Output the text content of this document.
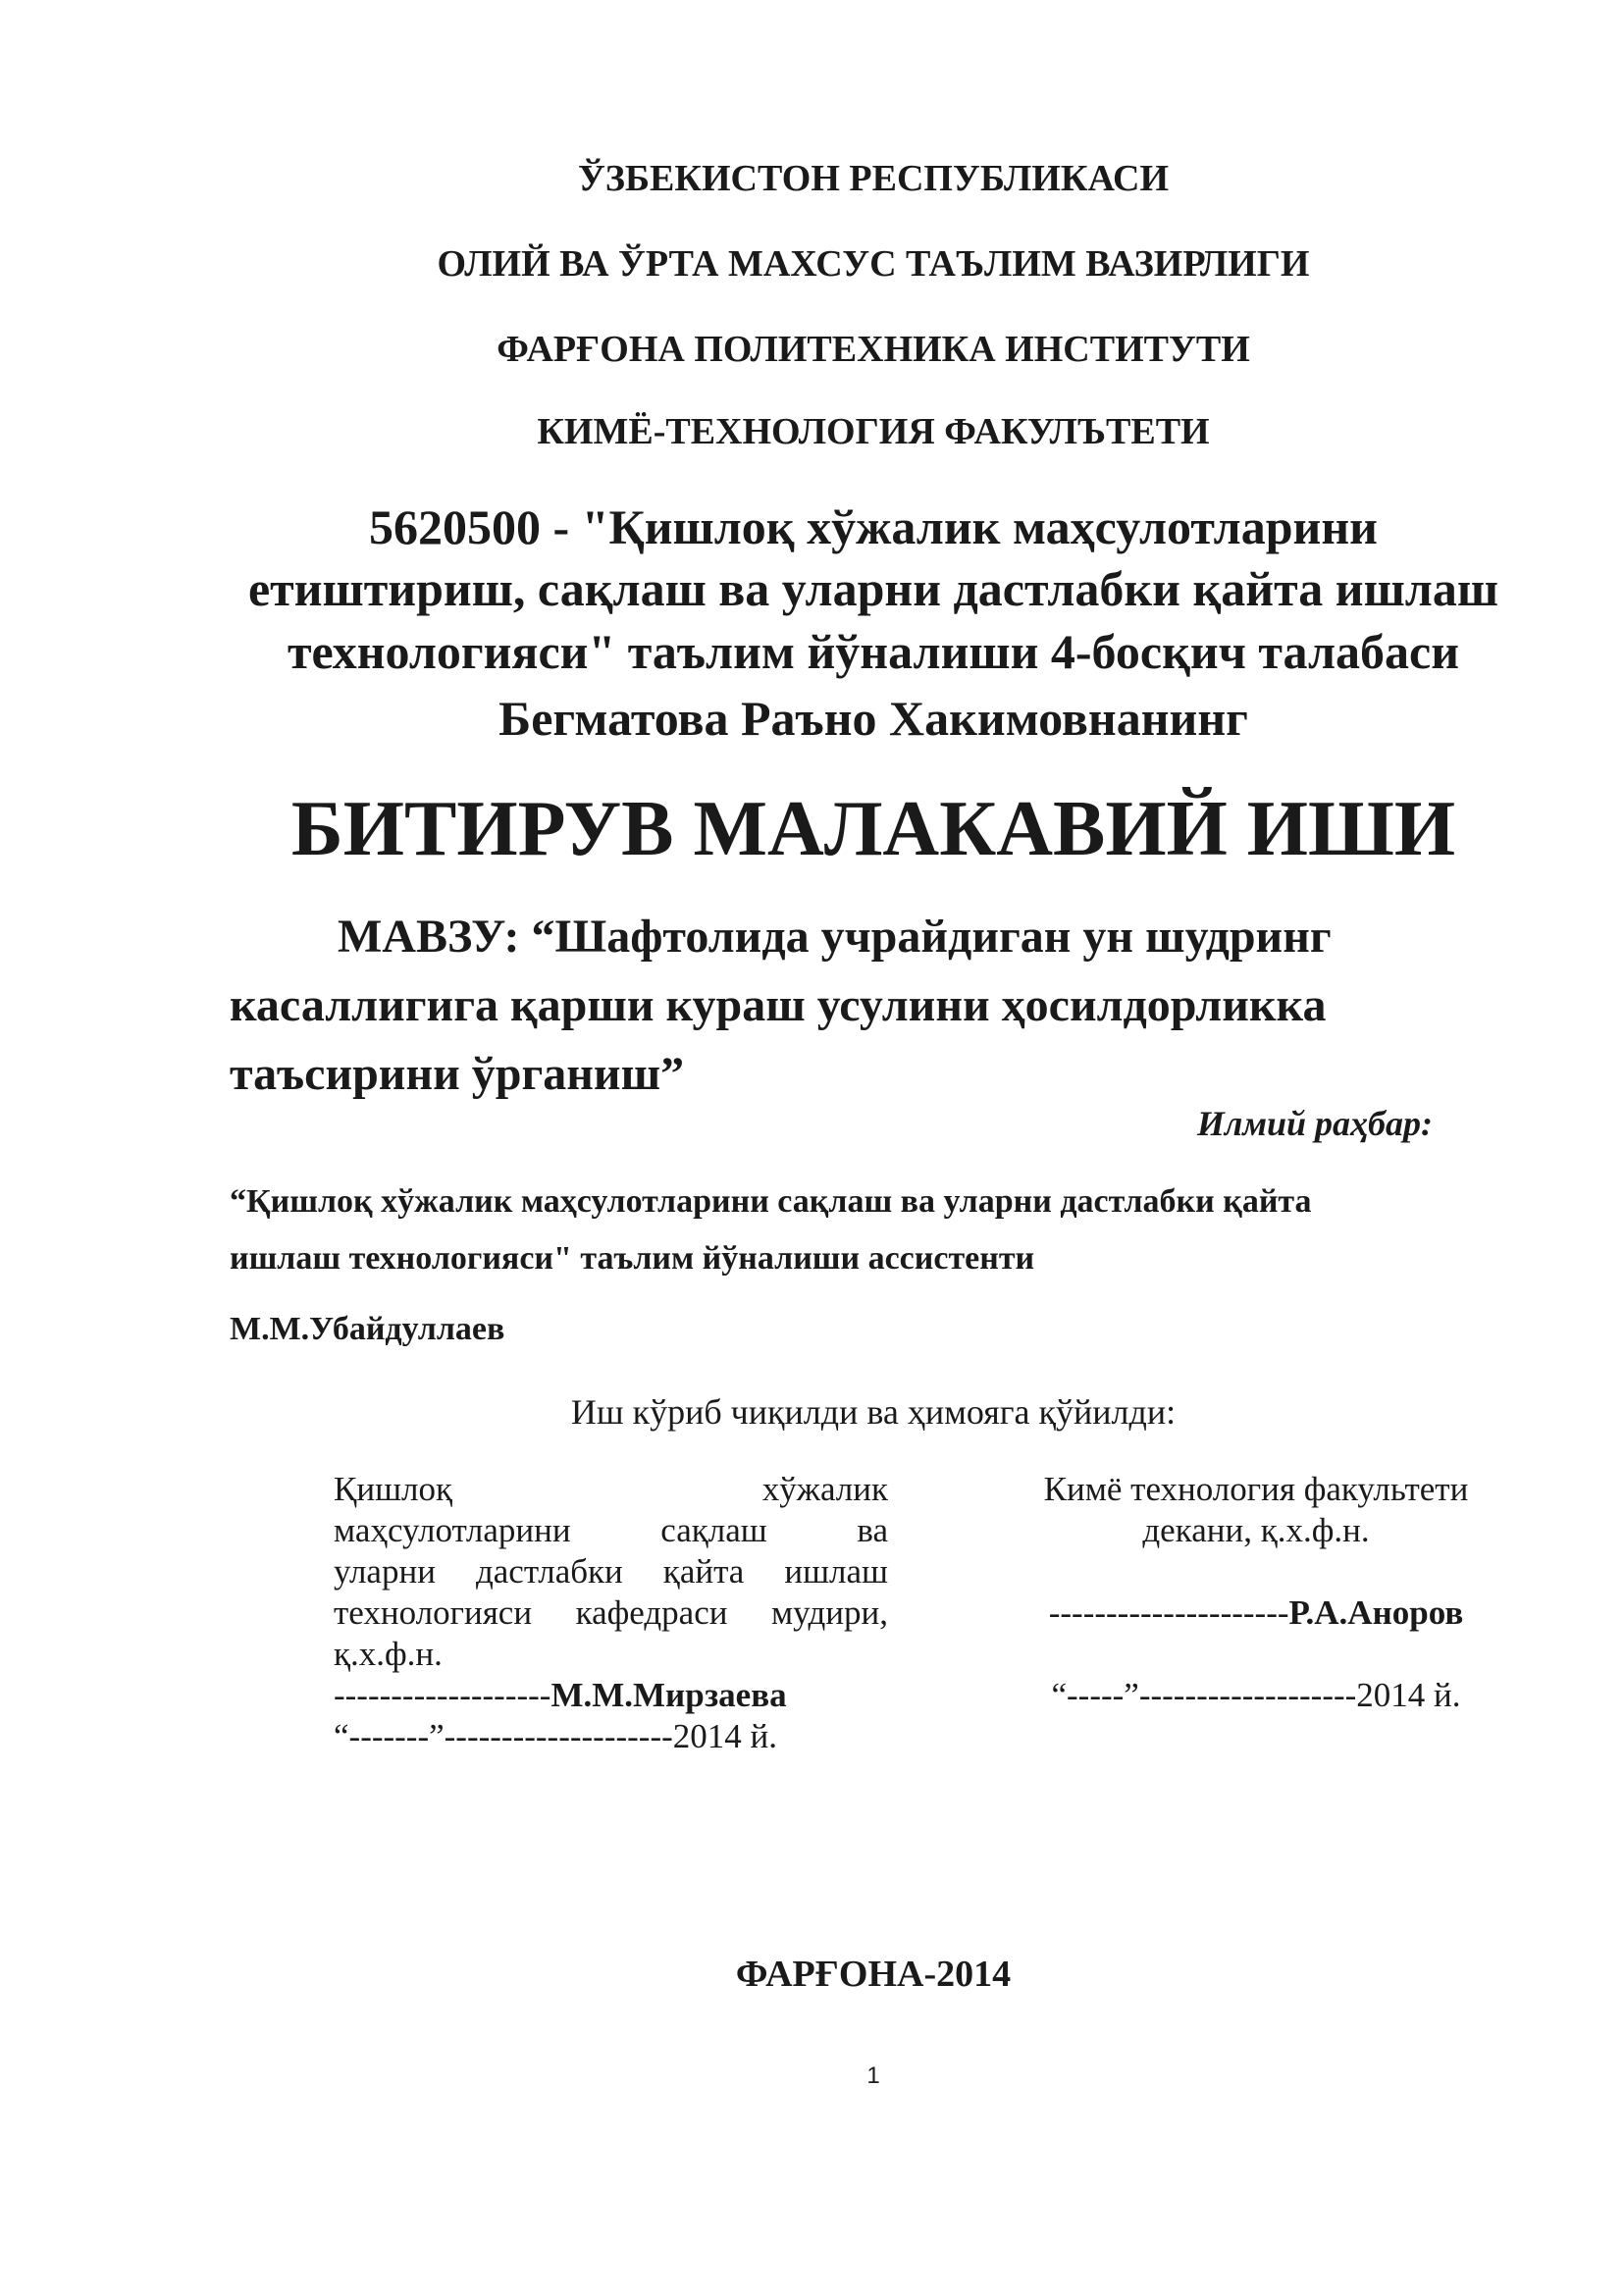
ЎЗБЕКИСТОН РЕСПУБЛИКАСИ
ОЛИЙ ВА ЎРТА МАХСУС ТАЪЛИМ ВАЗИРЛИГИ
ФАРҒОНА ПОЛИТЕХНИКА ИНСТИТУТИ
КИМЁ-ТЕХНОЛОГИЯ ФАКУЛЪТЕТИ
5620500 - "Қишлоқ хўжалик маҳсулотларини
етиштириш, сақлаш ва уларни дастлабки қайта ишлаш
технологияси" таълим йўналиши 4-босқич талабаси
Бегматова Раъно Хакимовнанинг
БИТИРУВ МАЛАКАВИЙ ИШИ
МАВЗУ: “Шафтолида учрайдиган ун шудринг
касаллигига қарши кураш усулини ҳосилдорликка
таъсирини ўрганиш”
Илмий раҳбар:
“Қишлоқ хўжалик маҳсулотларини сақлаш ва уларни дастлабки қайта
ишлаш технологияси" таълим йўналиши ассистенти
М.М.Убайдуллаев
Иш кўриб чиқилди ва ҳимояга қўйилди:
Қишлоқ	хўжалик
маҳсулотларини	сақлаш	ва
уларни дастлабки қайта ишлаш
технологияси кафедраси мудири,
қ.х.ф.н.
-------------------М.М.Мирзаева
“-------”--------------------2014 й.
Кимё технология факультети
декани, қ.х.ф.н.
---------------------Р.А.Аноров
“-----”-------------------2014 й.
ФАРҒОНА-2014
1
